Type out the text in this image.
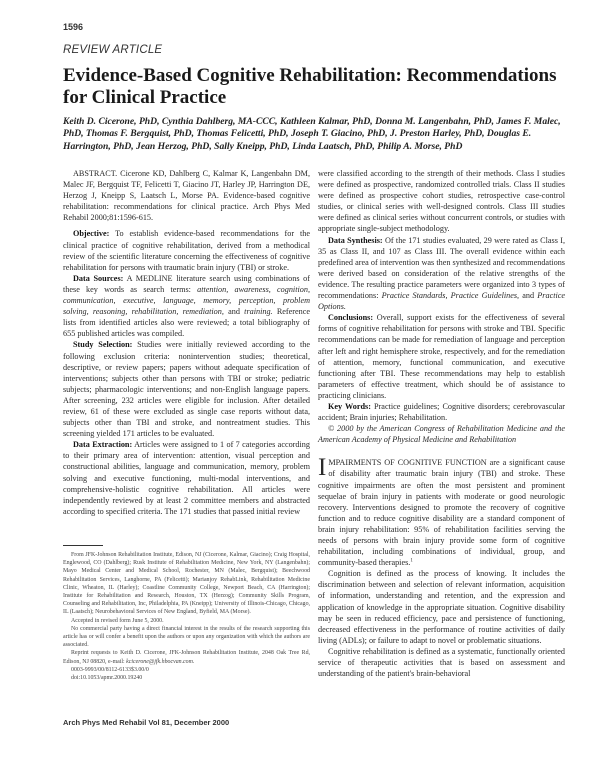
1596
REVIEW ARTICLE
Evidence-Based Cognitive Rehabilitation: Recommendations for Clinical Practice

Keith D. Cicerone, PhD, Cynthia Dahlberg, MA-CCC, Kathleen Kalmar, PhD, Donna M. Langenbahn, PhD, James F. Malec, PhD, Thomas F. Bergquist, PhD, Thomas Felicetti, PhD, Joseph T. Giacino, PhD, J. Preston Harley, PhD, Douglas E. Harrington, PhD, Jean Herzog, PhD, Sally Kneipp, PhD, Linda Laatsch, PhD, Philip A. Morse, PhD

ABSTRACT. Cicerone KD, Dahlberg C, Kalmar K, Langenbahn DM, Malec JF, Bergquist TF, Felicetti T, Giacino JT, Harley JP, Harrington DE, Herzog J, Kneipp S, Laatsch L, Morse PA. Evidence-based cognitive rehabilitation: recommendations for clinical practice. Arch Phys Med Rehabil 2000;81:1596-615.

Objective: To establish evidence-based recommendations for the clinical practice of cognitive rehabilitation, derived from a methodical review of the scientific literature concerning the effectiveness of cognitive rehabilitation for persons with traumatic brain injury (TBI) or stroke.

Data Sources: A MEDLINE literature search using combinations of these key words as search terms: attention, awareness, cognition, communication, executive, language, memory, perception, problem solving, reasoning, rehabilitation, remediation, and training. Reference lists from identified articles also were reviewed; a total bibliography of 655 published articles was compiled.

Study Selection: Studies were initially reviewed according to the following exclusion criteria: nonintervention studies; theoretical, descriptive, or review papers; papers without adequate specification of interventions; subjects other than persons with TBI or stroke; pediatric subjects; pharmacologic interventions; and non-English language papers. After screening, 232 articles were eligible for inclusion. After detailed review, 61 of these were excluded as single case reports without data, subjects other than TBI and stroke, and nontreatment studies. This screening yielded 171 articles to be evaluated.

Data Extraction: Articles were assigned to 1 of 7 categories according to their primary area of intervention: attention, visual perception and constructional abilities, language and communication, memory, problem solving and executive functioning, multi-modal interventions, and comprehensive-holistic cognitive rehabilitation. All articles were independently reviewed by at least 2 committee members and abstracted according to specified criteria. The 171 studies that passed initial review

From JFK-Johnson Rehabilitation Institute, Edison, NJ (Cicerone, Kalmar, Giacino); Craig Hospital, Englewood, CO (Dahlberg); Rusk Institute of Rehabilitation Medicine, New York, NY (Langenbahn); Mayo Medical Center and Medical School, Rochester, MN (Malec, Bergquist); Beechwood Rehabilitation Services, Langhorne, PA (Felicetti); Marianjoy RehabLink, Rehabilitation Medicine Clinic, Wheaton, IL (Harley); Coastline Community College, Newport Beach, CA (Harrington); Institute for Rehabilitation and Research, Houston, TX (Herzog); Community Skills Program, Counseling and Rehabilitation, Inc, Philadelphia, PA (Kneipp); University of Illinois-Chicago, Chicago, IL (Laatsch); Neurobehavioral Services of New England, Byfield, MA (Morse).

Accepted in revised form June 5, 2000.

No commercial party having a direct financial interest in the results of the research supporting this article has or will confer a benefit upon the authors or upon any organization with which the authors are associated.

Reprint requests to Keith D. Cicerone, JFK-Johnson Rehabilitation Institute, 2048 Oak Tree Rd, Edison, NJ 08820, e-mail: kcicerone@jfk.hbocvan.com.

0003-9993/00/8112-6133$3.00/0

doi:10.1053/apmr.2000.19240

were classified according to the strength of their methods. Class I studies were defined as prospective, randomized controlled trials. Class II studies were defined as prospective cohort studies, retrospective case-control studies, or clinical series with well-designed controls. Class III studies were defined as clinical series without concurrent controls, or studies with appropriate single-subject methodology.

Data Synthesis: Of the 171 studies evaluated, 29 were rated as Class I, 35 as Class II, and 107 as Class III. The overall evidence within each predefined area of intervention was then synthesized and recommendations were derived based on consideration of the relative strengths of the evidence. The resulting practice parameters were organized into 3 types of recommendations: Practice Standards, Practice Guidelines, and Practice Options.

Conclusions: Overall, support exists for the effectiveness of several forms of cognitive rehabilitation for persons with stroke and TBI. Specific recommendations can be made for remediation of language and perception after left and right hemisphere stroke, respectively, and for the remediation of attention, memory, functional communication, and executive functioning after TBI. These recommendations may help to establish parameters of effective treatment, which should be of assistance to practicing clinicians.

Key Words: Practice guidelines; Cognitive disorders; cerebrovascular accident; Brain injuries; Rehabilitation.

© 2000 by the American Congress of Rehabilitation Medicine and the American Academy of Physical Medicine and Rehabilitation

IMPAIRMENTS OF COGNITIVE FUNCTION are a significant cause of disability after traumatic brain injury (TBI) and stroke. These cognitive impairments are often the most persistent and prominent sequelae of brain injury in patients with moderate or good neurologic recovery. Interventions designed to promote the recovery of cognitive function and to reduce cognitive disability are a standard component of brain injury rehabilitation: 95% of rehabilitation facilities serving the needs of persons with brain injury provide some form of cognitive rehabilitation, including combinations of individual, group, and community-based therapies.$^1$

Cognition is defined as the process of knowing. It includes the discrimination between and selection of relevant information, acquisition of information, understanding and retention, and the expression and application of knowledge in the appropriate situation. Cognitive disability may be seen in reduced efficiency, pace and persistence of functioning, decreased effectiveness in the performance of routine activities of daily living (ADLs); or failure to adapt to novel or problematic situations.

Cognitive rehabilitation is defined as a systematic, functionally oriented service of therapeutic activities that is based on assessment and understanding of the patient's brain-behavioral

Arch Phys Med Rehabil Vol 81, December 2000
